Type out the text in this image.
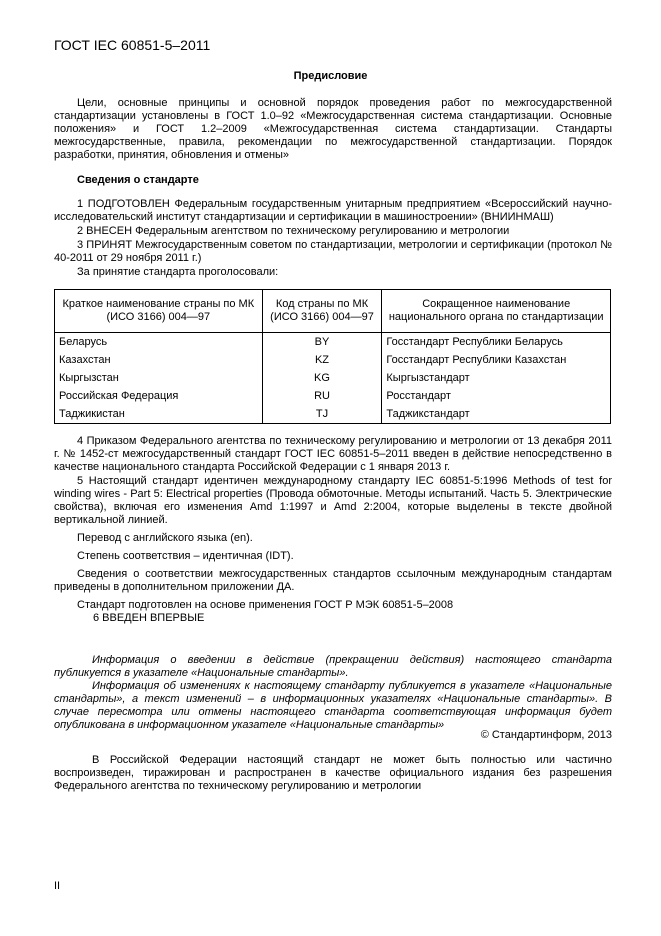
ГОСТ IEC 60851-5–2011
Предисловие

Цели, основные принципы и основной порядок проведения работ по межгосударственной стандартизации установлены в ГОСТ 1.0–92 «Межгосударственная система стандартизации. Основные положения» и ГОСТ 1.2–2009 «Межгосударственная система стандартизации. Стандарты межгосударственные, правила, рекомендации по межгосударственной стандартизации. Порядок разработки, принятия, обновления и отмены»

Сведения о стандарте

1 ПОДГОТОВЛЕН Федеральным государственным унитарным предприятием «Всероссийский научно-исследовательский институт стандартизации и сертификации в машиностроении» (ВНИИНМАШ)

2 ВНЕСЕН Федеральным агентством по техническому регулированию и метрологии

3 ПРИНЯТ Межгосударственным советом по стандартизации, метрологии и сертификации (протокол № 40-2011 от 29 ноября 2011 г.)

За принятие стандарта проголосовали:

Краткое наименование страны по МК (ИСО 3166) 004—97	Код страны по МК (ИСО 3166) 004—97	Сокращенное наименование национального органа по стандартизации
Беларусь	BY	Госстандарт Республики Беларусь
Казахстан	KZ	Госстандарт Республики Казахстан
Кыргызстан	KG	Кыргызстандарт
Российская Федерация	RU	Росстандарт
Таджикистан	TJ	Таджикстандарт

4 Приказом Федерального агентства по техническому регулированию и метрологии от 13 декабря 2011 г. № 1452-ст межгосударственный стандарт ГОСТ IEC 60851-5–2011 введен в действие непосредственно в качестве национального стандарта Российской Федерации с 1 января 2013 г.

5 Настоящий стандарт идентичен международному стандарту IEC 60851-5:1996 Methods of test for winding wires - Part 5: Electrical properties (Провода обмоточные. Методы испытаний. Часть 5. Электрические свойства), включая его изменения Amd 1:1997 и Amd 2:2004, которые выделены в тексте двойной вертикальной линией.

Перевод с английского языка (en).

Степень соответствия – идентичная (IDT).

Сведения о соответствии межгосударственных стандартов ссылочным международным стандартам приведены в дополнительном приложении ДА.

Стандарт подготовлен на основе применения ГОСТ Р МЭК 60851-5–2008

6 ВВЕДЕН ВПЕРВЫЕ

Информация о введении в действие (прекращении действия) настоящего стандарта публикуется в указателе «Национальные стандарты».

Информация об изменениях к настоящему стандарту публикуется в указателе «Национальные стандарты», а текст изменений – в информационных указателях «Национальные стандарты». В случае пересмотра или отмены настоящего стандарта соответствующая информация будет опубликована в информационном указателе «Национальные стандарты»

© Стандартинформ, 2013

В Российской Федерации настоящий стандарт не может быть полностью или частично воспроизведен, тиражирован и распространен в качестве официального издания без разрешения Федерального агентства по техническому регулированию и метрологии

II
